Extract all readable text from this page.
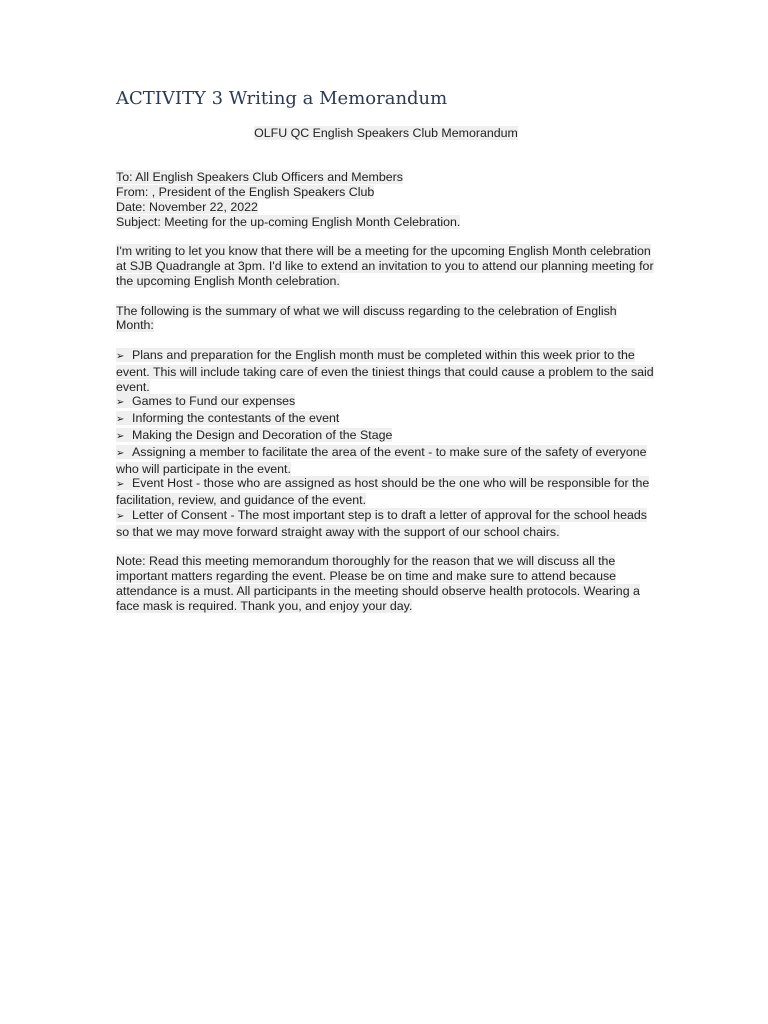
ACTIVITY 3 Writing a Memorandum

OLFU QC English Speakers Club Memorandum

To: All English Speakers Club Officers and Members

From: , President of the English Speakers Club

Date: November 22, 2022

Subject: Meeting for the up-coming English Month Celebration.

I'm writing to let you know that there will be a meeting for the upcoming English Month celebration at SJB Quadrangle at 3pm. I'd like to extend an invitation to you to attend our planning meeting for the upcoming English Month celebration.

The following is the summary of what we will discuss regarding to the celebration of English Month:

➢ Plans and preparation for the English month must be completed within this week prior to the event. This will include taking care of even the tiniest things that could cause a problem to the said event.
➢ Games to Fund our expenses
➢ Informing the contestants of the event
➢ Making the Design and Decoration of the Stage
➢ Assigning a member to facilitate the area of the event - to make sure of the safety of everyone who will participate in the event.
➢ Event Host - those who are assigned as host should be the one who will be responsible for the facilitation, review, and guidance of the event.
➢ Letter of Consent - The most important step is to draft a letter of approval for the school heads so that we may move forward straight away with the support of our school chairs.

Note: Read this meeting memorandum thoroughly for the reason that we will discuss all the important matters regarding the event. Please be on time and make sure to attend because attendance is a must. All participants in the meeting should observe health protocols. Wearing a face mask is required. Thank you, and enjoy your day.
